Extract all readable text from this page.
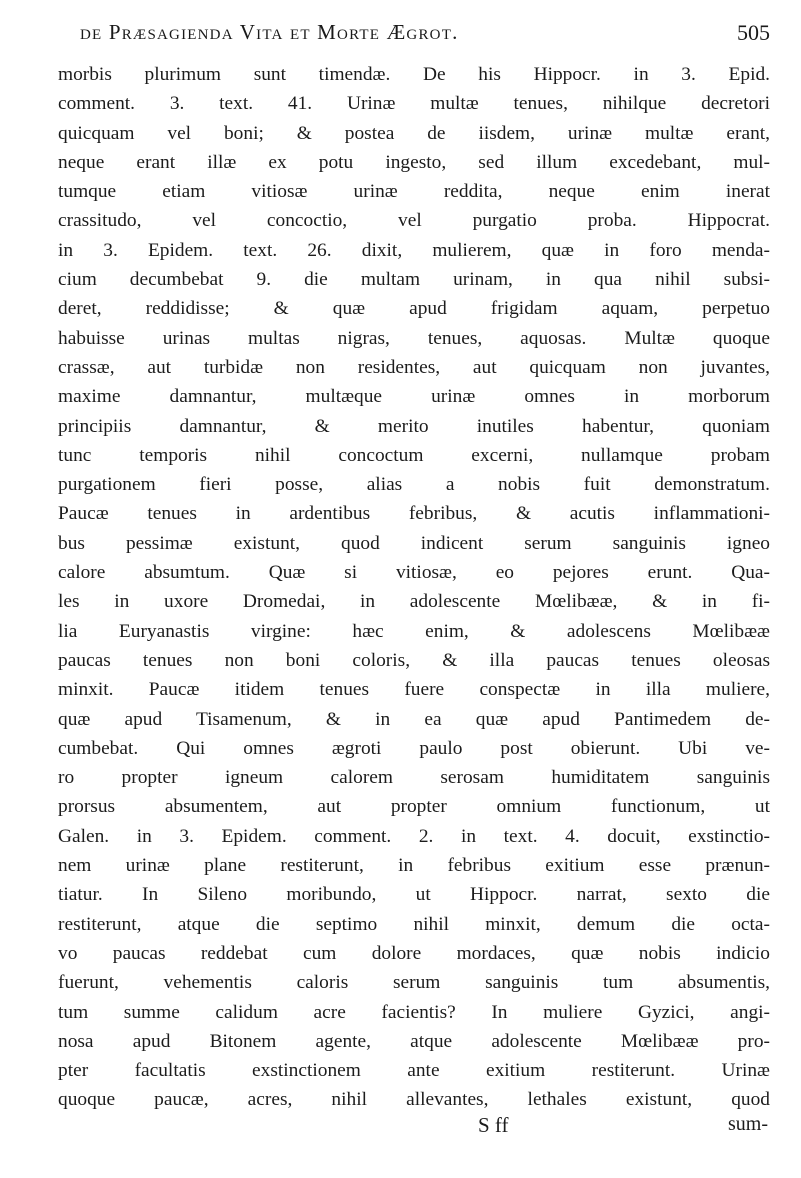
de Præsagienda Vita et Morte Ægrot.	505
morbis plurimum sunt timendæ. De his Hippocr. in 3. Epid.
comment. 3. text. 41. Urinæ multæ tenues, nihilque decretori
quicquam vel boni; & postea de iisdem, urinæ multæ erant,
neque erant illæ ex potu ingesto, sed illum excedebant, mul-
tumque etiam vitiosæ urinæ reddita, neque enim inerat
crassitudo, vel concoctio, vel purgatio proba. Hippocrat.
in 3. Epidem. text. 26. dixit, mulierem, quæ in foro menda-
cium decumbebat 9. die multam urinam, in qua nihil subsi-
deret, reddidisse; & quæ apud frigidam aquam, perpetuo
habuisse urinas multas nigras, tenues, aquosas. Multæ quoque
crassæ, aut turbidæ non residentes, aut quicquam non juvantes,
maxime damnantur, multæque urinæ omnes in morborum
principiis damnantur, & merito inutiles habentur, quoniam
tunc temporis nihil concoctum excerni, nullamque probam
purgationem fieri posse, alias a nobis fuit demonstratum.
Paucæ tenues in ardentibus febribus, & acutis inflammationi-
bus pessimæ existunt, quod indicent serum sanguinis igneo
calore absumtum. Quæ si vitiosæ, eo pejores erunt. Qua-
les in uxore Dromedai, in adolescente Mœlibææ, & in fi-
lia Euryanastis virgine: hæc enim, & adolescens Mœlibææ
paucas tenues non boni coloris, & illa paucas tenues oleosas
minxit. Paucæ itidem tenues fuere conspectæ in illa muliere,
quæ apud Tisamenum, & in ea quæ apud Pantimedem de-
cumbebat. Qui omnes ægroti paulo post obierunt. Ubi ve-
ro propter igneum calorem serosam humiditatem sanguinis
prorsus absumentem, aut propter omnium functionum, ut
Galen. in 3. Epidem. comment. 2. in text. 4. docuit, exstinctio-
nem urinæ plane restiterunt, in febribus exitium esse prænun-
tiatur. In Sileno moribundo, ut Hippocr. narrat, sexto die
restiterunt, atque die septimo nihil minxit, demum die octa-
vo paucas reddebat cum dolore mordaces, quæ nobis indicio
fuerunt, vehementis caloris serum sanguinis tum absumentis,
tum summe calidum acre facientis? In muliere Gyzici, angi-
nosa apud Bitonem agente, atque adolescente Mœlibææ pro-
pter facultatis exstinctionem ante exitium restiterunt. Urinæ
quoque paucæ, acres, nihil allevantes, lethales existunt, quod
S ff	sum-
